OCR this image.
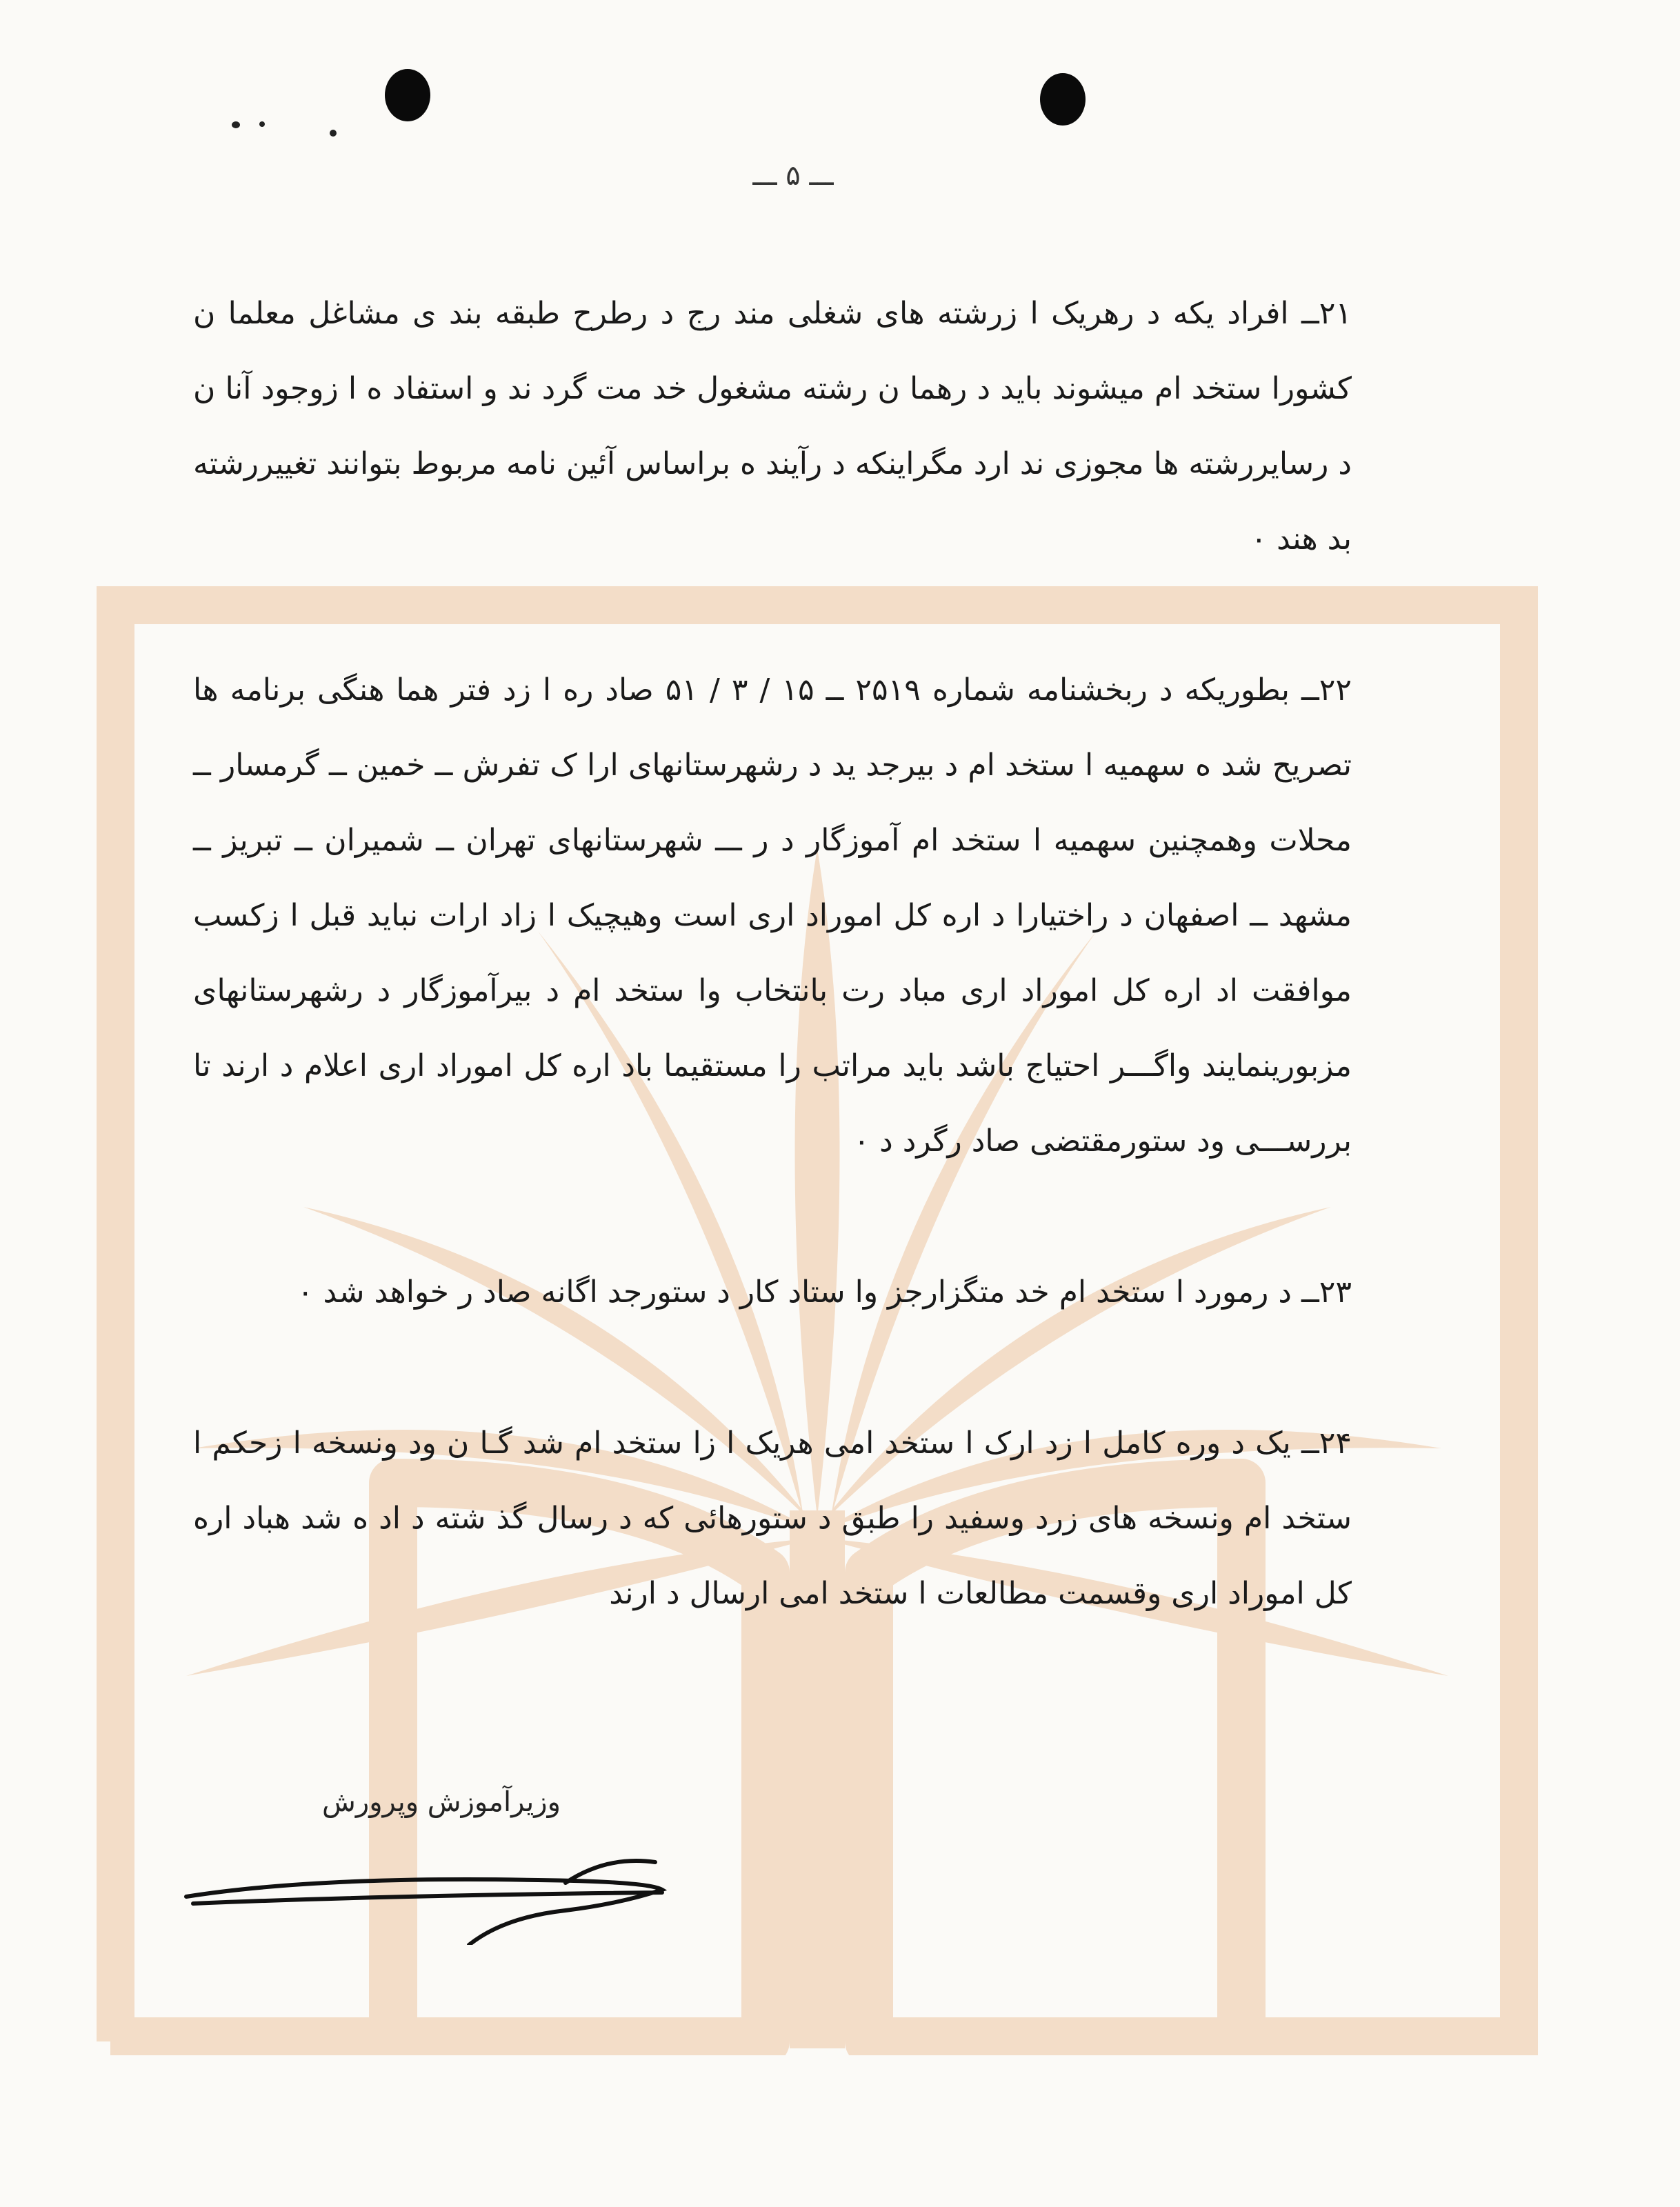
ـــ ۵ ـــ

۲۱ــ افراد یکه د رهریک ا زرشته های شغلی مند رج د رطرح طبقه بند ی مشاغل معلما ن کشورا ستخد ام میشوند باید د رهما ن رشته مشغول خد مت گرد ند و استفاد ه ا زوجود آنا ن د رسایررشته ها مجوزی ند ارد مگراینکه د رآیند ه براساس آئین نامه مربوط بتوانند تغییررشته بد هند ۰

۲۲ــ بطوریکه د ربخشنامه شماره ۲۵۱۹ ــ ۱۵ / ۳ / ۵۱ صاد ره ا زد فتر هما هنگی برنامه ها تصریح شد ه سهمیه ا ستخد ام د بیرجد ید د رشهرستانهای ارا ک تفرش ــ خمین ــ گرمسار ــ محلات وهمچنین سهمیه ا ستخد ام آموزگار د ر ـــ شهرستانهای تهران ــ شمیران ــ تبریز ــ مشهد ــ اصفهان د راختیارا د اره کل اموراد اری است وهیچیک ا زاد ارات نباید قبل ا زکسب موافقت اد اره کل اموراد اری مباد رت بانتخاب وا ستخد ام د بیرآموزگار د رشهرستانهای مزبورینمایند واگـــر احتیاج باشد باید مراتب را مستقیما باد اره کل اموراد اری اعلام د ارند تا بررســـی ود ستورمقتضی صاد رگرد د ۰

۲۳ــ د رمورد ا ستخد ام خد متگزارجز وا ستاد کار د ستورجد اگانه صاد ر خواهد شد ۰

۲۴ــ یک د وره کامل ا زد ارک ا ستخد امی هریک ا زا ستخد ام شد گـا ن ود ونسخه ا زحکم ا ستخد ام ونسخه های زرد وسفید را طبق د ستورهائی که د رسال گذ شته د اد ه شد هباد اره کل اموراد اری وقسمت مطالعات ا ستخد امی ارسال د ارند

وزیرآموزش وپرورش
